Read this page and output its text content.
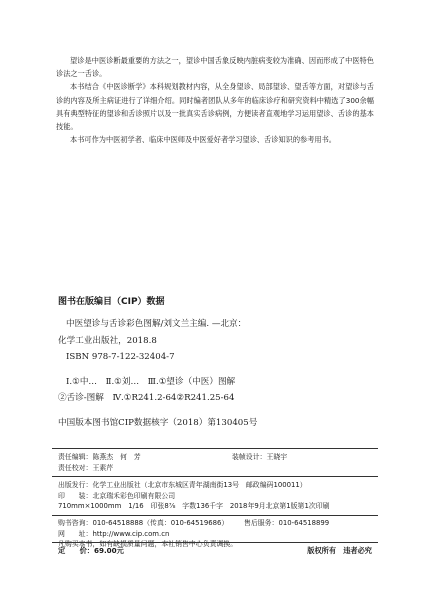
望诊是中医诊断最重要的方法之一，望诊中国舌象反映内脏病变较为准确、因而形成了中医特色诊法之一舌诊。

本书结合《中医诊断学》本科规划教材内容，从全身望诊、局部望诊、望舌等方面，对望诊与舌诊的内容及所主病证进行了详细介绍。同时编者团队从多年的临床诊疗和研究资料中精选了300余幅具有典型特征的望诊和舌诊照片以及一批真实舌诊病例，方便读者直观地学习运用望诊、舌诊的基本技能。

本书可作为中医初学者、临床中医师及中医爱好者学习望诊、舌诊知识的参考用书。

图书在版编目（CIP）数据
中医望诊与舌诊彩色图解/刘文兰主编. —北京：
化学工业出版社，2018.8
ISBN 978-7-122-32404-7
Ⅰ.①中…　Ⅱ.①刘…　Ⅲ.①望诊（中医）图解
②舌诊-图解　Ⅳ.①R241.2-64②R241.25-64
中国版本图书馆CIP数据核字（2018）第130405号
责任编辑：陈燕杰　何　芳	装帧设计：王晓宇
责任校对：王素芹
出版发行：化学工业出版社（北京市东城区青年湖南街13号　邮政编码100011）
印　　装：北京瑞禾彩色印刷有限公司
710mm×1000mm　1/16　印张8⅞　字数136千字　2018年9月北京第1版第1次印刷
购书咨询：010-64518888（传真：010-64519686） 售后服务：010-64518899
网　　址：http://www.cip.com.cn
凡购买本书，如有缺损质量问题，本社销售中心负责调换。
定　　价：69.00元	版权所有　违者必究
